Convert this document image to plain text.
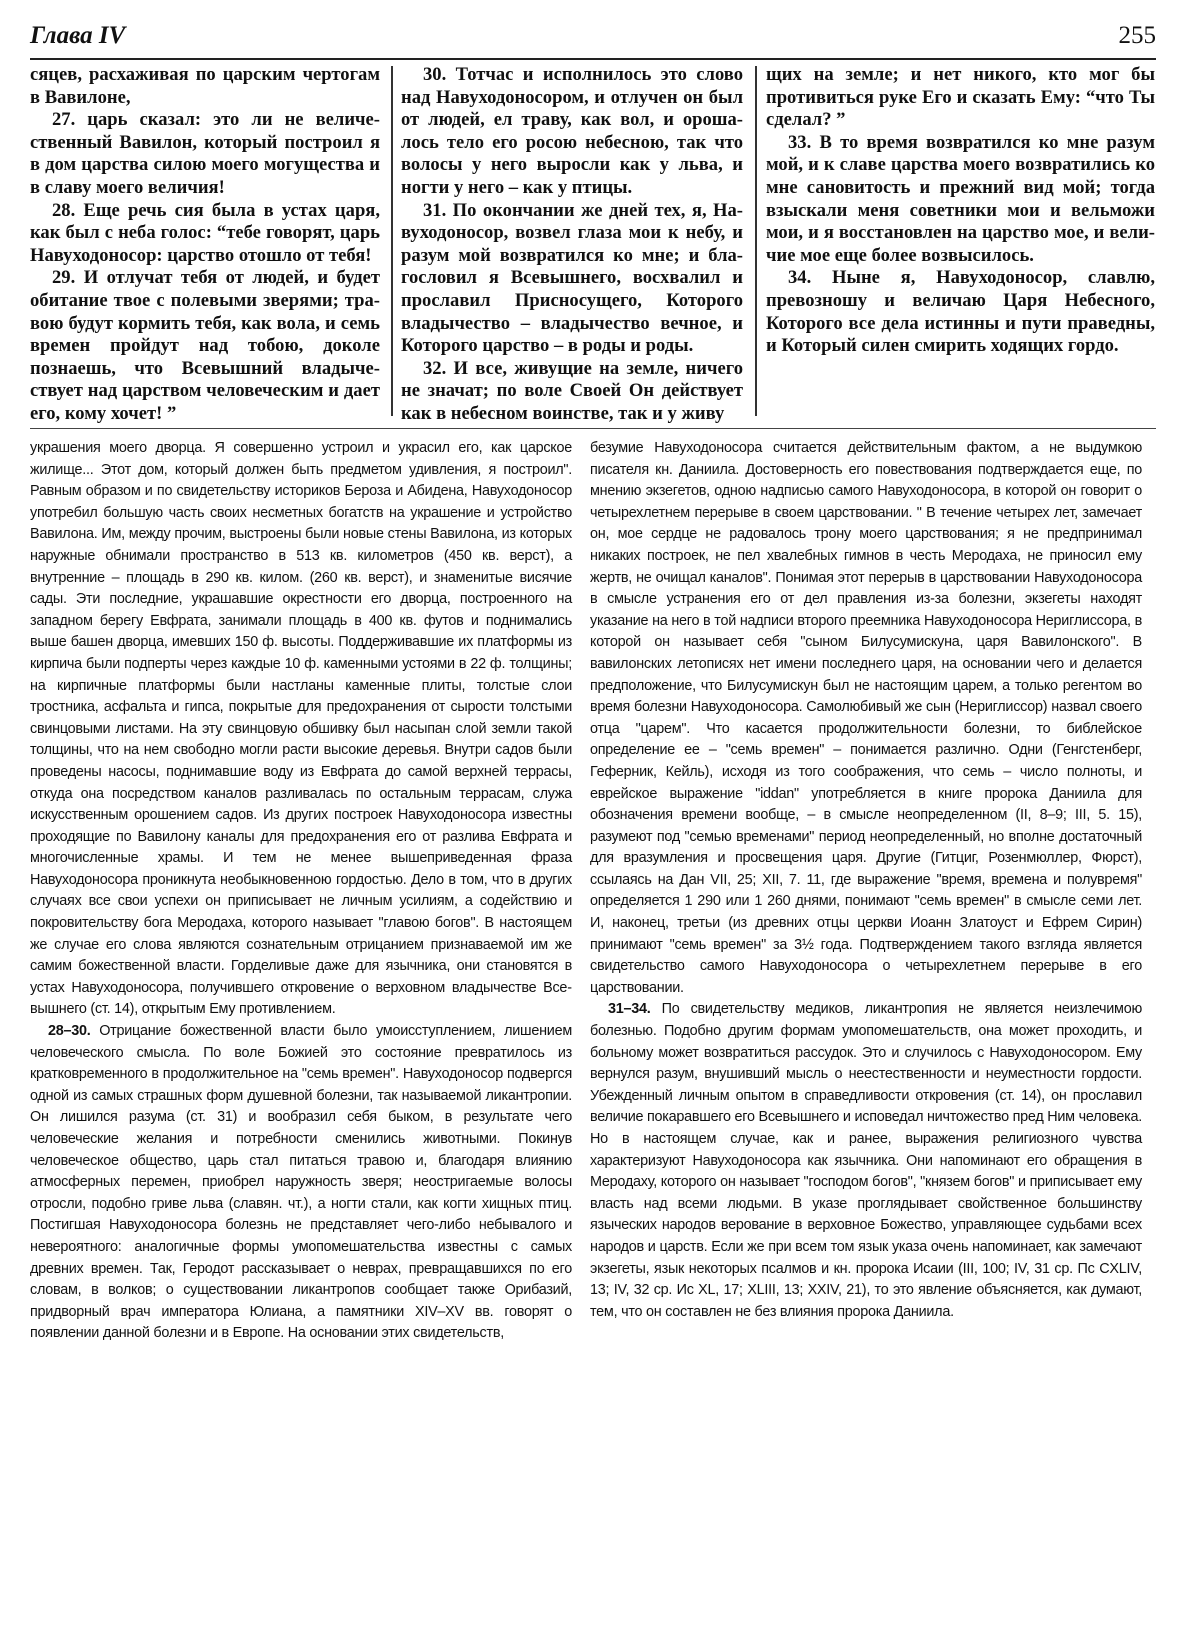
Глава IV	255

сяцев, расхаживая по царским чертогам в Вавилоне,

27. царь сказал: это ли не величественный Вавилон, который построил я в дом царства силою моего могущества и в славу моего величия!

28. Еще речь сия была в устах царя, как был с неба голос: “тебе говорят, царь Навуходоносор: царство отошло от тебя!

29. И отлучат тебя от людей, и будет обитание твое с полевыми зверями; травою будут кормить тебя, как вола, и семь времен пройдут над тобою, доколе познаешь, что Всевышний владычествует над царством человеческим и дает его, кому хочет! ”

30. Тотчас и исполнилось это слово над Навуходоносором, и отлучен он был от людей, ел траву, как вол, и орошалось тело его росою небесною, так что волосы у него выросли как у льва, и ногти у него – как у птицы.

31. По окончании же дней тех, я, Навуходоносор, возвел глаза мои к небу, и разум мой возвратился ко мне; и благословил я Всевышнего, восхвалил и прославил Присносущего, Которого владычество – владычество вечное, и Которого царство – в роды и роды.

32. И все, живущие на земле, ничего не значат; по воле Своей Он действует как в небесном воинстве, так и у живу

щих на земле; и нет никого, кто мог бы противиться руке Его и сказать Ему: “что Ты сделал? ”

33. В то время возвратился ко мне разум мой, и к славе царства моего возвратились ко мне сановитость и прежний вид мой; тогда взыскали меня советники мои и вельможи мои, и я восстановлен на царство мое, и величие мое еще более возвысилось.

34. Ныне я, Навуходоносор, славлю, превозношу и величаю Царя Небесного, Которого все дела истинны и пути праведны, и Который силен смирить ходящих гордо.

украшения моего дворца. Я совершенно устроил и украсил его, как царское жилище... Этот дом, который должен быть предметом удивления, я построил". Равным образом и по свидетельству историков Бероза и Абидена, Навуходоносор употребил большую часть своих несметных богатств на украшение и устройство Вавилона. Им, между прочим, выстроены были новые стены Вавилона, из которых наружные обнимали пространство в 513 кв. километров (450 кв. верст), а внутренние – площадь в 290 кв. килом. (260 кв. верст), и знаменитые висячие сады. Эти последние, украшавшие окрестности его дворца, построенного на западном берегу Евфрата, занимали площадь в 400 кв. футов и поднимались выше башен дворца, имевших 150 ф. высоты. Поддерживавшие их платформы из кирпича были подперты через каждые 10 ф. каменными устоями в 22 ф. толщины; на кирпичные платформы были настланы каменные плиты, толстые слои тростника, асфальта и гипса, покрытые для предохранения от сырости толстыми свинцовыми листами. На эту свинцовую обшивку был насыпан слой земли такой толщины, что на нем свободно могли расти высокие деревья. Внутри садов были проведены насосы, поднимавшие воду из Евфрата до самой верхней террасы, откуда она посредством каналов разливалась по остальным террасам, служа искусственным орошением садов. Из других построек Навуходоносора известны проходящие по Вавилону каналы для предохранения его от разлива Евфрата и многочисленные храмы. И тем не менее вышеприведенная фраза Навуходоносора проникнута необыкновенною гордостью. Дело в том, что в других случаях все свои успехи он приписывает не личным усилиям, а содействию и покровительству бога Меродаха, которого называет "главою богов". В настоящем же случае его слова являются сознательным отрицанием признаваемой им же самим божественной власти. Горделивые даже для язычника, они становятся в устах Навуходоносора, получившего откровение о верховном владычестве Всевышнего (ст. 14), открытым Ему противлением.

28–30. Отрицание божественной власти было умоисступлением, лишением человеческого смысла. По воле Божией это состояние превратилось из кратковременного в продолжительное на "семь времен". Навуходоносор подвергся одной из самых страшных форм душевной болезни, так называемой ликантропии. Он лишился разума (ст. 31) и вообразил себя быком, в результате чего человеческие желания и потребности сменились животными. Покинув человеческое общество, царь стал питаться травою и, благодаря влиянию атмосферных перемен, приобрел наружность зверя; неостригаемые волосы отросли, подобно гриве льва (славян. чт.), а ногти стали, как когти хищных птиц. Постигшая Навуходоносора болезнь не представляет чего-либо небывалого и невероятного: аналогичные формы умопомешательства известны с самых древних времен. Так, Геродот рассказывает о неврах, превращавшихся по его словам, в волков; о существовании ликантропов сообщает также Орибазий, придворный врач императора Юлиана, а памятники XIV–XV вв. говорят о появлении данной болезни и в Европе. На основании этих свидетельств,

безумие Навуходоносора считается действительным фактом, а не выдумкою писателя кн. Даниила. Достоверность его повествования подтверждается еще, по мнению экзегетов, одною надписью самого Навуходоносора, в которой он говорит о четырехлетнем перерыве в своем царствовании. " В течение четырех лет, замечает он, мое сердце не радовалось трону моего царствования; я не предпринимал никаких построек, не пел хвалебных гимнов в честь Меродаха, не приносил ему жертв, не очищал каналов". Понимая этот перерыв в царствовании Навуходоносора в смысле устранения его от дел правления из-за болезни, экзегеты находят указание на него в той надписи второго преемника Навуходоносора Нериглиссора, в которой он называет себя "сыном Билусумискуна, царя Вавилонского". В вавилонских летописях нет имени последнего царя, на основании чего и делается предположение, что Билусумискун был не настоящим царем, а только регентом во время болезни Навуходоносора. Самолюбивый же сын (Нериглиссор) назвал своего отца "царем". Что касается продолжительности болезни, то библейское определение ее – "семь времен" – понимается различно. Одни (Генгстенберг, Геферник, Кейль), исходя из того соображения, что семь – число полноты, и еврейское выражение "iddan" употребляется в книге пророка Даниила для обозначения времени вообще, – в смысле неопределенном (II, 8–9; III, 5. 15), разумеют под "семью временами" период неопределенный, но вполне достаточный для вразумления и просвещения царя. Другие (Гитциг, Розенмюллер, Фюрст), ссылаясь на Дан VII, 25; XII, 7. 11, где выражение "время, времена и полувремя" определяется 1 290 или 1 260 днями, понимают "семь времен" в смысле семи лет. И, наконец, третьи (из древних отцы церкви Иоанн Златоуст и Ефрем Сирин) принимают "семь времен" за 3½ года. Подтверждением такого взгляда является свидетельство самого Навуходоносора о четырехлетнем перерыве в его царствовании.

31–34. По свидетельству медиков, ликантропия не является неизлечимою болезнью. Подобно другим формам умопомешательств, она может проходить, и больному может возвратиться рассудок. Это и случилось с Навуходоносором. Ему вернулся разум, внушивший мысль о неестественности и неуместности гордости. Убежденный личным опытом в справедливости откровения (ст. 14), он прославил величие покаравшего его Всевышнего и исповедал ничтожество пред Ним человека. Но в настоящем случае, как и ранее, выражения религиозного чувства характеризуют Навуходоносора как язычника. Они напоминают его обращения в Меродаху, которого он называет "господом богов", "князем богов" и приписывает ему власть над всеми людьми. В указе проглядывает свойственное большинству языческих народов верование в верховное Божество, управляющее судьбами всех народов и царств. Если же при всем том язык указа очень напоминает, как замечают экзегеты, язык некоторых псалмов и кн. пророка Исаии (III, 100; IV, 31 ср. Пс CXLIV, 13; IV, 32 ср. Ис XL, 17; XLIII, 13; XXIV, 21), то это явление объясняется, как думают, тем, что он составлен не без влияния пророка Даниила.
